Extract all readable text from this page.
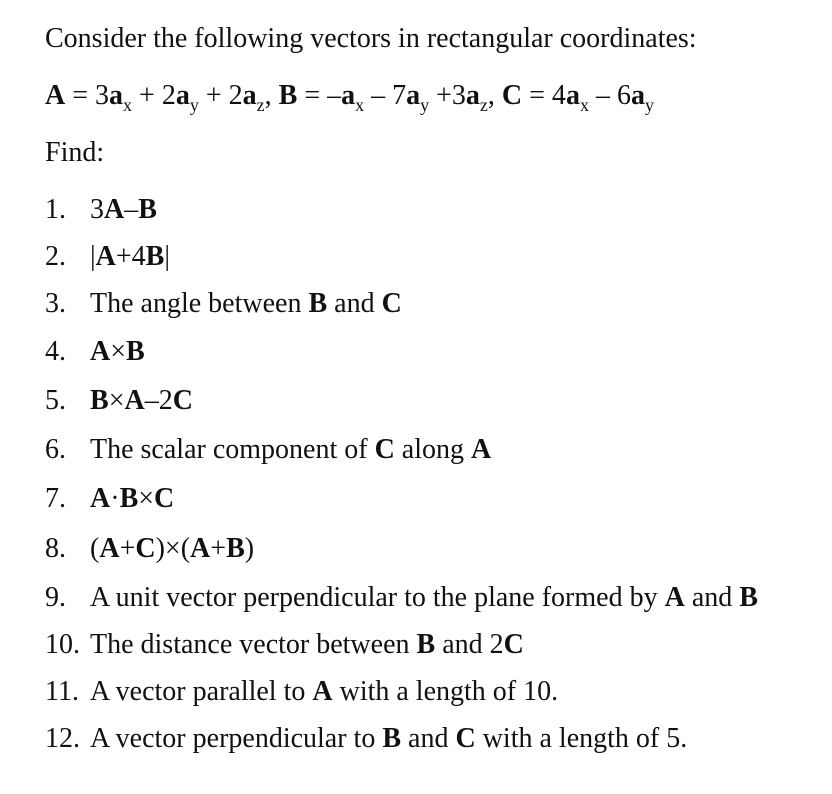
Consider the following vectors in rectangular coordinates:
$A = 3a_x + 2a_y + 2a_z$, $B = -a_x - 7a_y +3a_z$, $C = 4a_x - 6a_y$
Find:
1. 3A–B
2. |A+4B|
3. The angle between B and C
4. A×B
5. B×A–2C
6. The scalar component of C along A
7. A·B×C
8. (A+C)×(A+B)
9. A unit vector perpendicular to the plane formed by A and B
10. The distance vector between B and 2C
11. A vector parallel to A with a length of 10.
12. A vector perpendicular to B and C with a length of 5.
